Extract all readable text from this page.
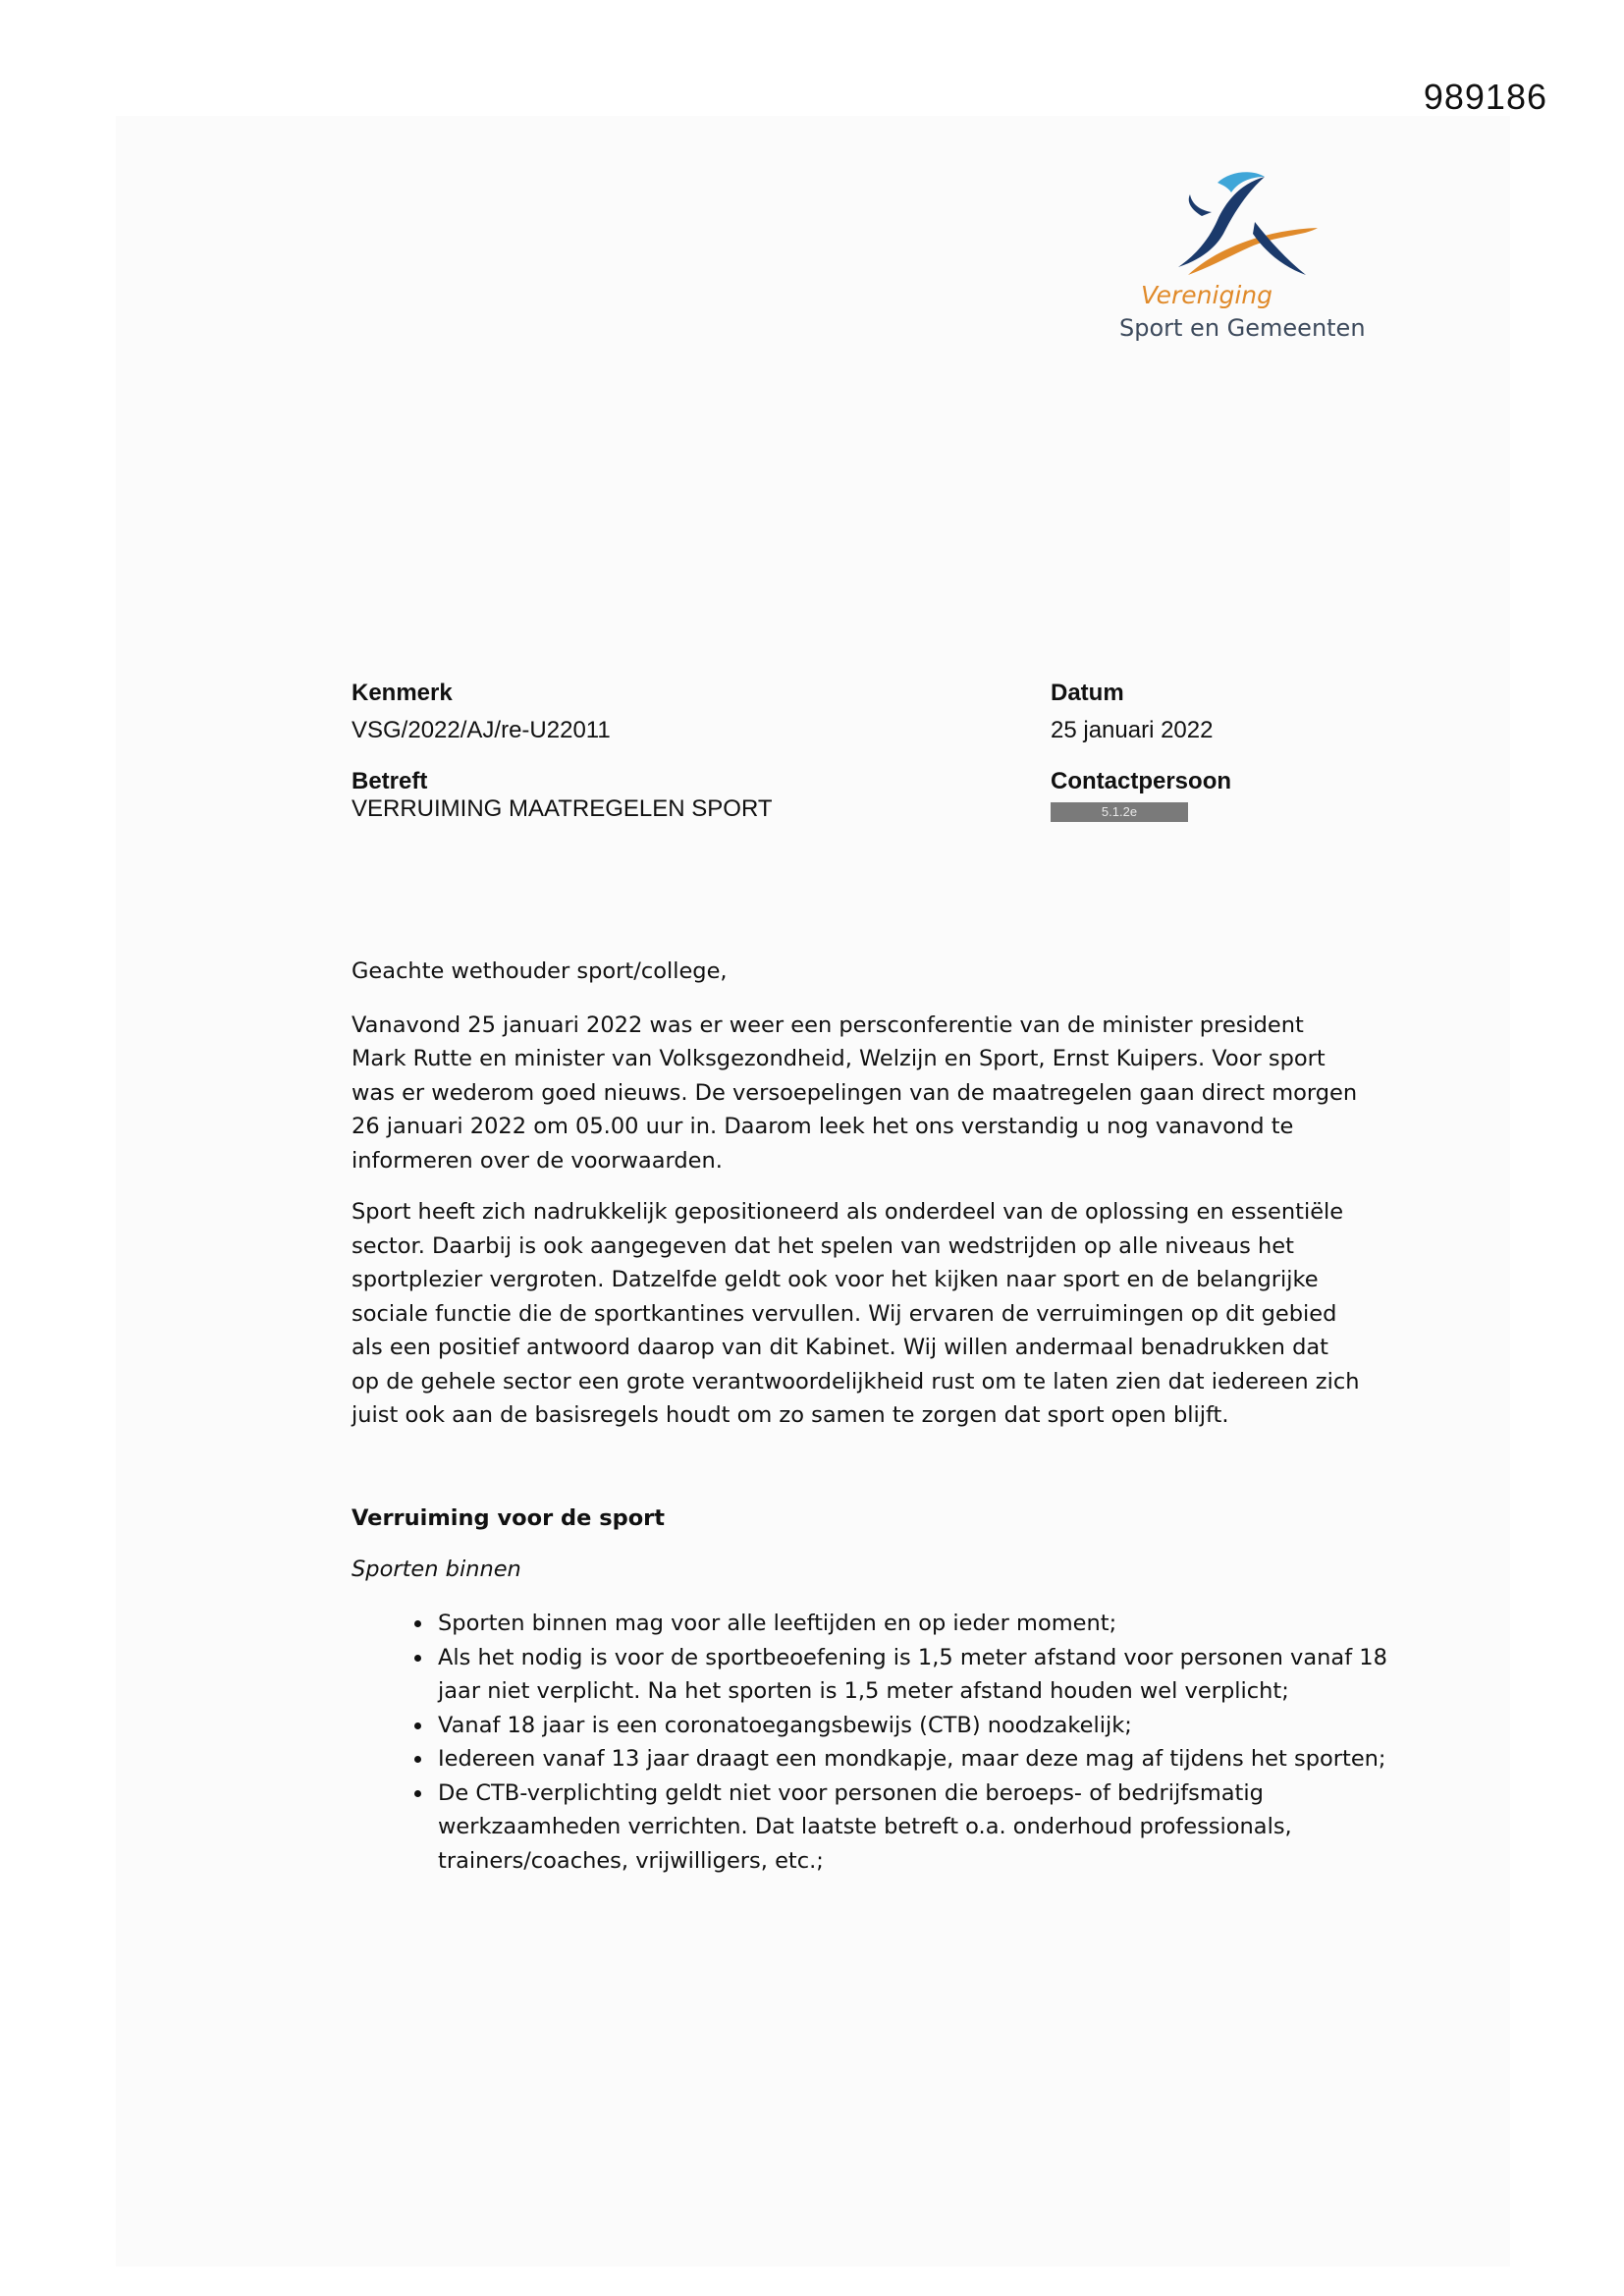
989186
Vereniging
Sport en Gemeenten
Kenmerk
VSG/2022/AJ/re-U22011
Datum
25 januari 2022
Betreft
VERRUIMING MAATREGELEN SPORT
Contactpersoon
5.1.2e

Geachte wethouder sport/college,

Vanavond 25 januari 2022 was er weer een persconferentie van de minister president Mark Rutte en minister van Volksgezondheid, Welzijn en Sport, Ernst Kuipers. Voor sport was er wederom goed nieuws. De versoepelingen van de maatregelen gaan direct morgen 26 januari 2022 om 05.00 uur in. Daarom leek het ons verstandig u nog vanavond te informeren over de voorwaarden.

Sport heeft zich nadrukkelijk gepositioneerd als onderdeel van de oplossing en essentiële sector. Daarbij is ook aangegeven dat het spelen van wedstrijden op alle niveaus het sportplezier vergroten. Datzelfde geldt ook voor het kijken naar sport en de belangrijke sociale functie die de sportkantines vervullen. Wij ervaren de verruimingen op dit gebied als een positief antwoord daarop van dit Kabinet. Wij willen andermaal benadrukken dat op de gehele sector een grote verantwoordelijkheid rust om te laten zien dat iedereen zich juist ook aan de basisregels houdt om zo samen te zorgen dat sport open blijft.

Verruiming voor de sport

Sporten binnen

• Sporten binnen mag voor alle leeftijden en op ieder moment;
• Als het nodig is voor de sportbeoefening is 1,5 meter afstand voor personen vanaf 18 jaar niet verplicht. Na het sporten is 1,5 meter afstand houden wel verplicht;
• Vanaf 18 jaar is een coronatoegangsbewijs (CTB) noodzakelijk;
• Iedereen vanaf 13 jaar draagt een mondkapje, maar deze mag af tijdens het sporten;
• De CTB-verplichting geldt niet voor personen die beroeps- of bedrijfsmatig werkzaamheden verrichten. Dat laatste betreft o.a. onderhoud professionals, trainers/coaches, vrijwilligers, etc.;
